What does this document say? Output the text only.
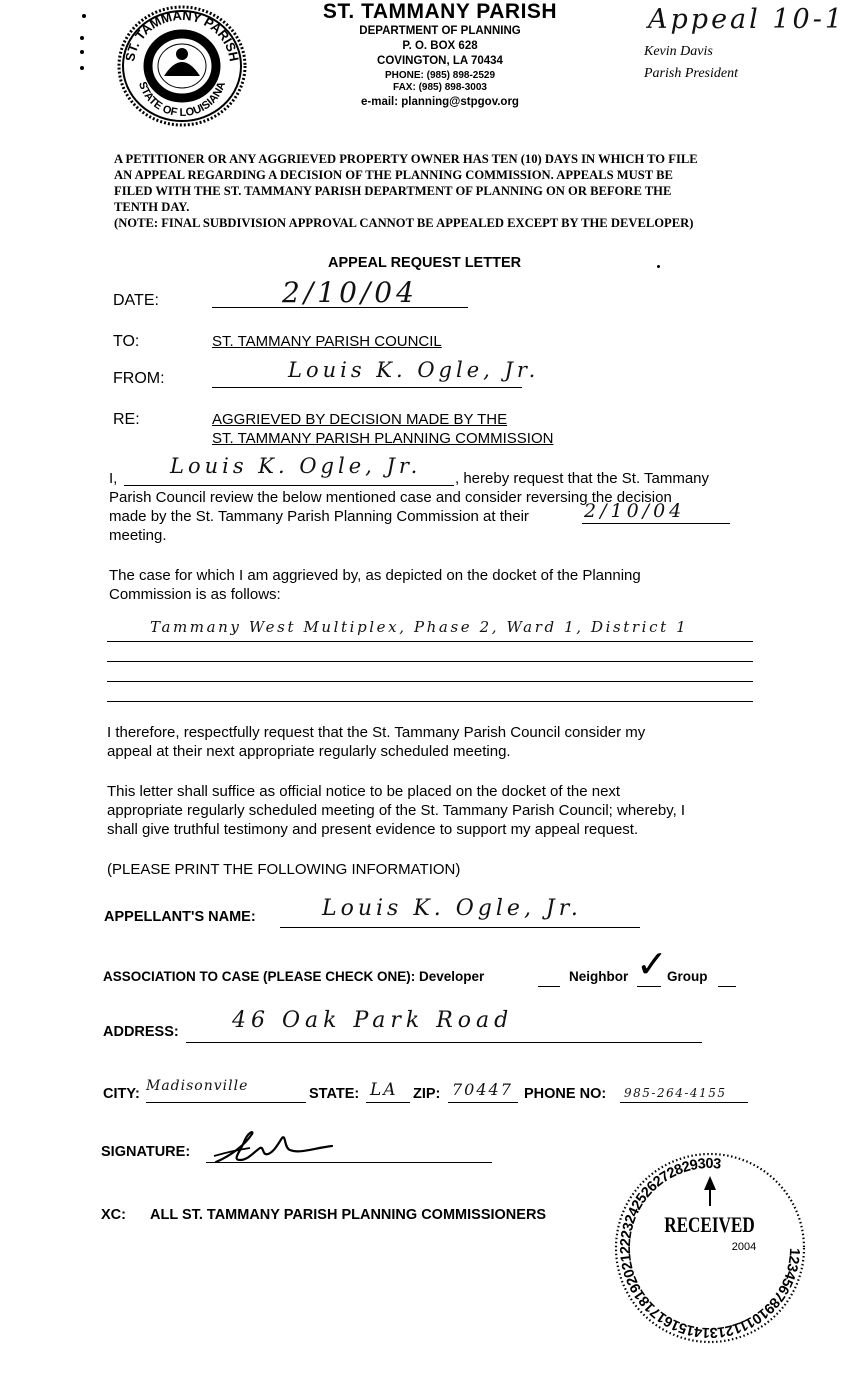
ST. TAMMANY PARISH
STATE OF LOUISIANA
ST. TAMMANY PARISH
DEPARTMENT OF PLANNING
P. O. BOX 628
COVINGTON, LA 70434
PHONE: (985) 898-2529
FAX: (985) 898-3003
e-mail: planning@stpgov.org
Appeal 10-1
Kevin Davis
Parish President
A PETITIONER OR ANY AGGRIEVED PROPERTY OWNER HAS TEN (10) DAYS IN WHICH TO FILE
AN APPEAL REGARDING A DECISION OF THE PLANNING COMMISSION. APPEALS MUST BE
FILED WITH THE ST. TAMMANY PARISH DEPARTMENT OF PLANNING ON OR BEFORE THE
TENTH DAY.
(NOTE: FINAL SUBDIVISION APPROVAL CANNOT BE APPEALED EXCEPT BY THE DEVELOPER)
APPEAL REQUEST LETTER
DATE:	2/10/04
TO:	ST. TAMMANY PARISH COUNCIL
FROM:	Louis K. Ogle, Jr.
RE:	AGGRIEVED BY DECISION MADE BY THE
ST. TAMMANY PARISH PLANNING COMMISSION
I,
Louis K. Ogle, Jr.
, hereby request that the St. Tammany
Parish Council review the below mentioned case and consider reversing the decision
made by the St. Tammany Parish Planning Commission at their	2/10/04
meeting.
The case for which I am aggrieved by, as depicted on the docket of the Planning
Commission is as follows:
Tammany West Multiplex, Phase 2, Ward 1, District 1
I therefore, respectfully request that the St. Tammany Parish Council consider my
appeal at their next appropriate regularly scheduled meeting.
This letter shall suffice as official notice to be placed on the docket of the next
appropriate regularly scheduled meeting of the St. Tammany Parish Council; whereby, I
shall give truthful testimony and present evidence to support my appeal request.
(PLEASE PRINT THE FOLLOWING INFORMATION)
APPELLANT'S NAME:	Louis K. Ogle, Jr.
ASSOCIATION TO CASE (PLEASE CHECK ONE): Developer	Neighbor ✓ Group
ADDRESS: 46 Oak Park Road
CITY: Madisonville	STATE: LA ZIP: 70447 PHONE NO: 985-264-4155
SIGNATURE:
XC: ALL ST. TAMMANY PARISH PLANNING COMMISSIONERS
1234567891011121314151617181920212223242526272829303
RECEIVED
2004
